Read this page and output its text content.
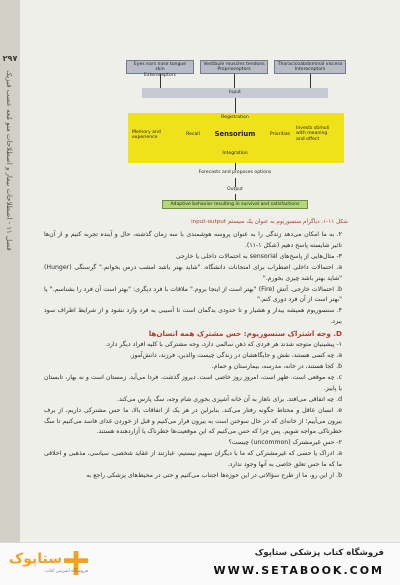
۲۹۷
فصل ۱۱ - اصطلاحات بیمار و اصطلاحات منو مُعه عصب فیزیک
Eyes ears nose tongue skin
Exteroceptors
Vestibule muscles tendons
Proprioceptors
Thoracicoabdominal viscera
Interoceptors
Input
Registration
Memory and
experience
Recall	Sensorium	Prioritize
Invests stimuli
with meaning
and effect
Integration
Forecasts and proposes options
Output
Adaptive behavior resulting in survival and satisfactions
شکل ۱۱-۱. دیاگرام سنسوریوم به عنوان یک سیستم input-output

۲. به ما امکان می‌دهد زندگی را به عنوان پروسه هوشمندی با سه زمان گذشته، حال و آینده تجربه کنیم و از آن‌ها تاثیر شایسته پاسخ دهیم (شکل ۱-۱۱).

۳- مثال‌هایی از پاسخ‌های sensorial به احتمالات داخلی یا خارجی

a. احتمالات داخلی اضطراب برای امتحانات دانشگاه. "شاید بهتر باشد امشب درس بخوانم." گرسنگی (Hunger) "شاید بهتر باشد چیزی بخورم."

b. احتمالات خارجی. آتش (Fire) "بهتر است از اینجا بروم." ملاقات با فرد دیگری: "بهتر است آن فرد را بشناسم." یا "بهتر است از آن فرد دوری کنم."

۴. سنسوریوم همیشه بیدار و هشیار و تا حدودی بدگمان است تا آسیبی به فرد وارد نشود و از شرایط اطراف سود ببرد.

D. وجه اشتراک سنسوریوم: حس مشترک همه انسان‌ها

۱- پیشینیان متوجه شدند هر فردی که ذهن سالمی دارد، وجه مشترکی با کلیه افراد دیگر دارد.

a. چه کسی هستند، نقش و جایگاهشان در زندگی چیست والدین، فرزند، دانش‌آموز.

b. کجا هستند، در خانه، مدرسه، بیمارستان و حمام.

c. چه موقعی است. ظهر است، امروز روز خاصی است. دیروز گذشت. فردا می‌آید. زمستان است و نه بهار، تابستان یا پاییز.

d. چه اتفاقی می‌افتد. برای ناهار به آن خانه آشپزی بخوری شام وجه، سگ پارس می‌کند.

e. انسان عاقل و محتاط جگونه رفتار می‌کند. بنابراین در هر یک از اتفاقات بالا، ما حس مشترکی داریم، از برف بیرون می‌آییم؛ از خانه‌ای که در حال سوختن است به بیرون فرار می‌کنیم و قبل از خوردن غذای فاسد می‌کنیم تا سگ خطرناکی مواجه شویم. پس چرا که حس می‌کنیم که این موقعیت‌ها خطرناک یا آزاردهنده هستند.

۲- حس غیرمشترک (uncommon) چیست؟

a. ادراک یا حسی که غیرمشترکی که ما با دیگران سهیم نیستیم. عبارتند از عقاید شخصی، سیاسی، مذهبی و اخلاقی ما که ما حس تعلق خاصی به آنها وجود ندارد.

b. از این رو، ما از طرح سؤالاتی در این حوزه‌ها اجتناب می‌کنیم و حتی در محیط‌های پزشکی راجع به

ستاپوک
فروشگاه اینترنتی کتاب
فروشگاه کتاب پزشکی ستاپوک
WWW.SETABOOK.COM
